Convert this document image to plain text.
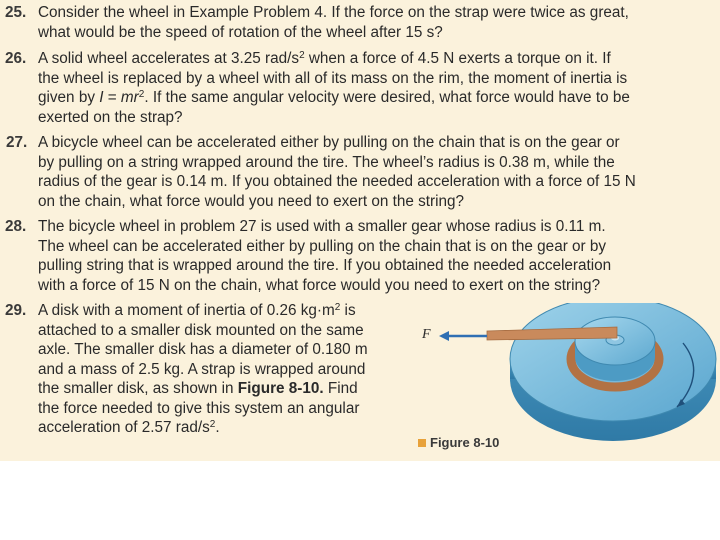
25. Consider the wheel in Example Problem 4. If the force on the strap were twice as great,
what would be the speed of rotation of the wheel after 15 s?
26. A solid wheel accelerates at 3.25 rad/$s^2$ when a force of 4.5 N exerts a torque on it. If
the wheel is replaced by a wheel with all of its mass on the rim, the moment of inertia is
given by $I = mr^2$. If the same angular velocity were desired, what force would have to be
exerted on the strap?
27. A bicycle wheel can be accelerated either by pulling on the chain that is on the gear or
by pulling on a string wrapped around the tire. The wheel’s radius is 0.38 m, while the
radius of the gear is 0.14 m. If you obtained the needed acceleration with a force of 15 N
on the chain, what force would you need to exert on the string?
28. The bicycle wheel in problem 27 is used with a smaller gear whose radius is 0.11 m.
The wheel can be accelerated either by pulling on the chain that is on the gear or by
pulling string that is wrapped around the tire. If you obtained the needed acceleration
with a force of 15 N on the chain, what force would you need to exert on the string?
29. A disk with a moment of inertia of 0.26 $kg\cdot m^2$ is
attached to a smaller disk mounted on the same
axle. The smaller disk has a diameter of 0.180 m
and a mass of 2.5 kg. A strap is wrapped around
the smaller disk, as shown in Figure 8-10. Find
the force needed to give this system an angular
acceleration of 2.57 rad/$s^2$.
F
Figure 8-10
